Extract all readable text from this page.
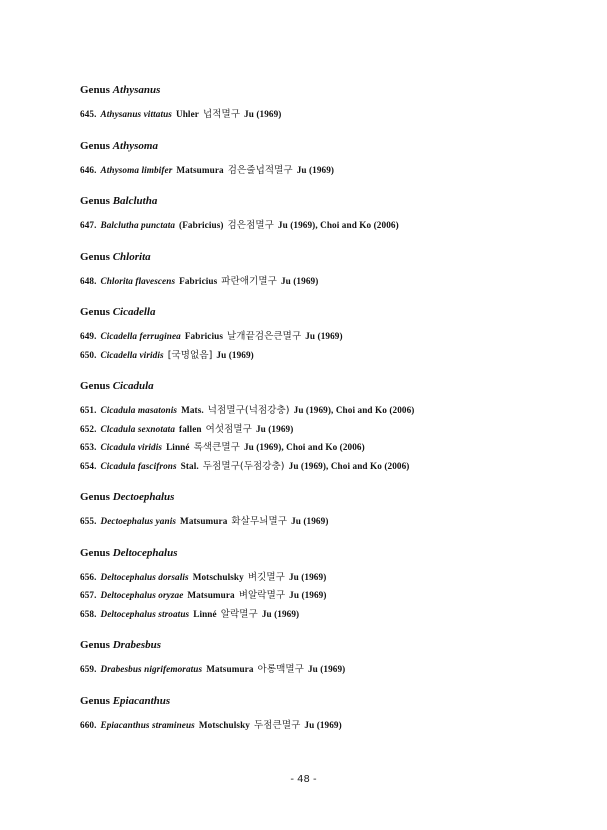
Genus Athysanus
645. Athysanus vittatus Uhler 넙적멸구 Ju (1969)
Genus Athysoma
646. Athysoma limbifer Matsumura 검은줄넙적멸구 Ju (1969)
Genus Balclutha
647. Balclutha punctata (Fabricius) 검은점멸구 Ju (1969), Choi and Ko (2006)
Genus Chlorita
648. Chlorita flavescens Fabricius 파란애기멸구 Ju (1969)
Genus Cicadella
649. Cicadella ferruginea Fabricius 날개끝검은큰멸구 Ju (1969)
650. Cicadella viridis [국명없음] Ju (1969)
Genus Cicadula
651. Cicadula masatonis Mats. 넉점멸구(넉점강충) Ju (1969), Choi and Ko (2006)
652. Clcadula sexnotata fallen 여섯점멸구 Ju (1969)
653. Cicadula viridis Linné 록색큰멸구 Ju (1969), Choi and Ko (2006)
654. Cicadula fascifrons Stal. 두점멸구(두점강충) Ju (1969), Choi and Ko (2006)
Genus Dectoephalus
655. Dectoephalus yanis Matsumura 화살무늬멸구 Ju (1969)
Genus Deltocephalus
656. Deltocephalus dorsalis Motschulsky 벼깃멸구 Ju (1969)
657. Deltocephalus oryzae Matsumura 벼알락멸구 Ju (1969)
658. Deltocephalus stroatus Linné 알락멸구 Ju (1969)
Genus Drabesbus
659. Drabesbus nigrifemoratus Matsumura 아롱맥멸구 Ju (1969)
Genus Epiacanthus
660. Epiacanthus stramineus Motschulsky 두점큰멸구 Ju (1969)
- 48 -
